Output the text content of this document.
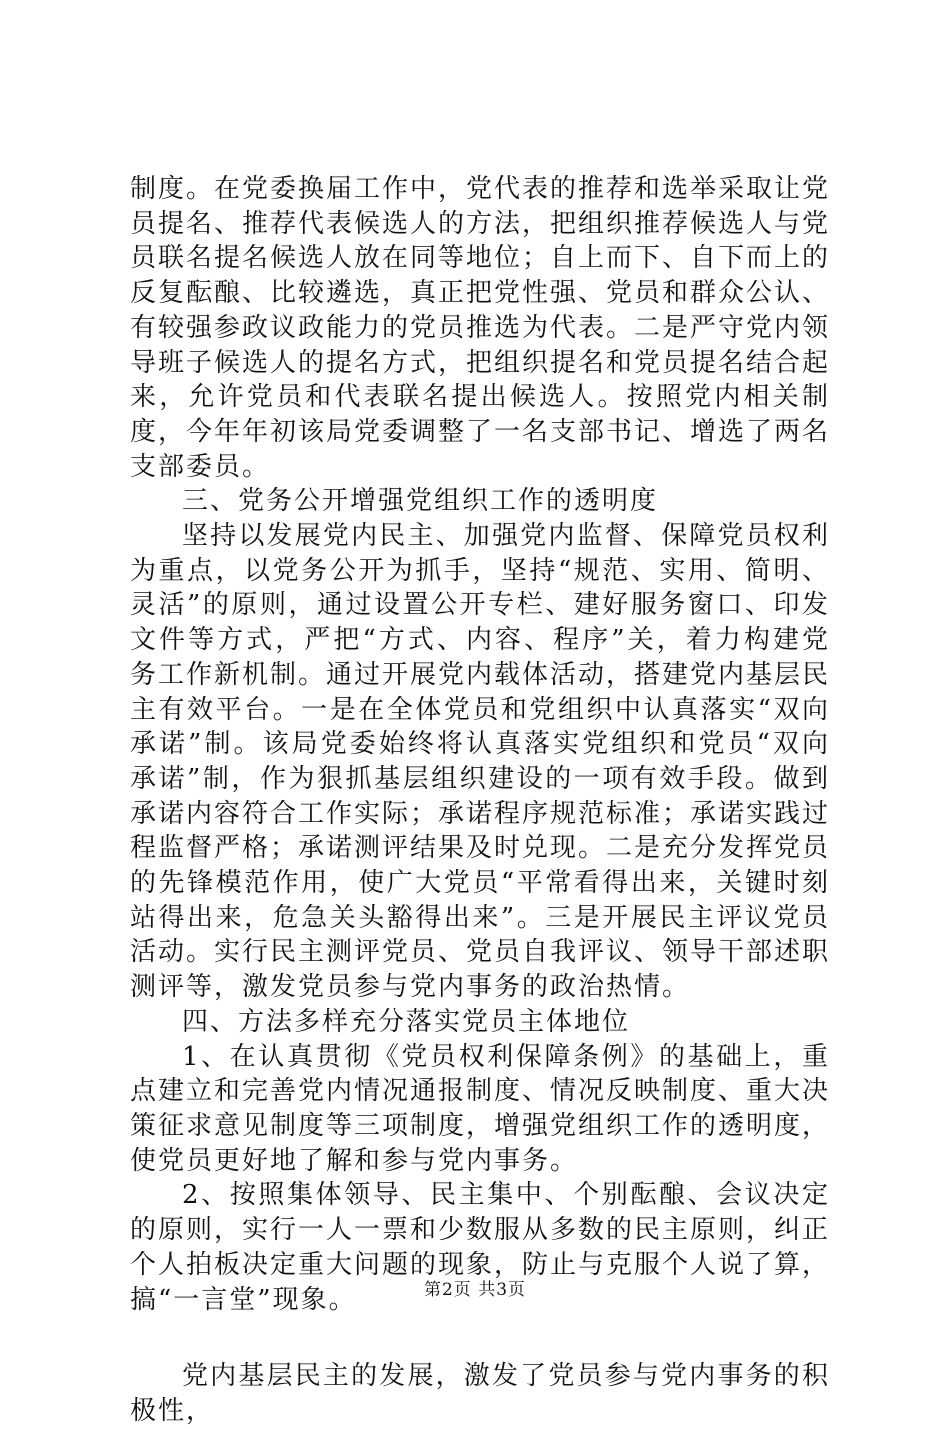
制度。在党委换届工作中，党代表的推荐和选举采取让党员提名、推荐代表候选人的方法，把组织推荐候选人与党员联名提名候选人放在同等地位；自上而下、自下而上的反复酝酿、比较遴选，真正把党性强、党员和群众公认、有较强参政议政能力的党员推选为代表。二是严守党内领导班子候选人的提名方式，把组织提名和党员提名结合起来，允许党员和代表联名提出候选人。按照党内相关制度，今年年初该局党委调整了一名支部书记、增选了两名支部委员。

三、党务公开增强党组织工作的透明度

坚持以发展党内民主、加强党内监督、保障党员权利为重点，以党务公开为抓手，坚持“规范、实用、简明、灵活”的原则，通过设置公开专栏、建好服务窗口、印发文件等方式，严把“方式、内容、程序”关，着力构建党务工作新机制。通过开展党内载体活动，搭建党内基层民主有效平台。一是在全体党员和党组织中认真落实“双向承诺”制。该局党委始终将认真落实党组织和党员“双向承诺”制，作为狠抓基层组织建设的一项有效手段。做到承诺内容符合工作实际；承诺程序规范标准；承诺实践过程监督严格；承诺测评结果及时兑现。二是充分发挥党员的先锋模范作用，使广大党员“平常看得出来，关键时刻站得出来，危急关头豁得出来”。三是开展民主评议党员活动。实行民主测评党员、党员自我评议、领导干部述职测评等，激发党员参与党内事务的政治热情。

四、方法多样充分落实党员主体地位

1、在认真贯彻《党员权利保障条例》的基础上，重点建立和完善党内情况通报制度、情况反映制度、重大决策征求意见制度等三项制度，增强党组织工作的透明度，使党员更好地了解和参与党内事务。

2、按照集体领导、民主集中、个别酝酿、会议决定的原则，实行一人一票和少数服从多数的民主原则，纠正个人拍板决定重大问题的现象，防止与克服个人说了算，搞“一言堂”现象。

党内基层民主的发展，激发了党员参与党内事务的积极性，

第2页 共3页
